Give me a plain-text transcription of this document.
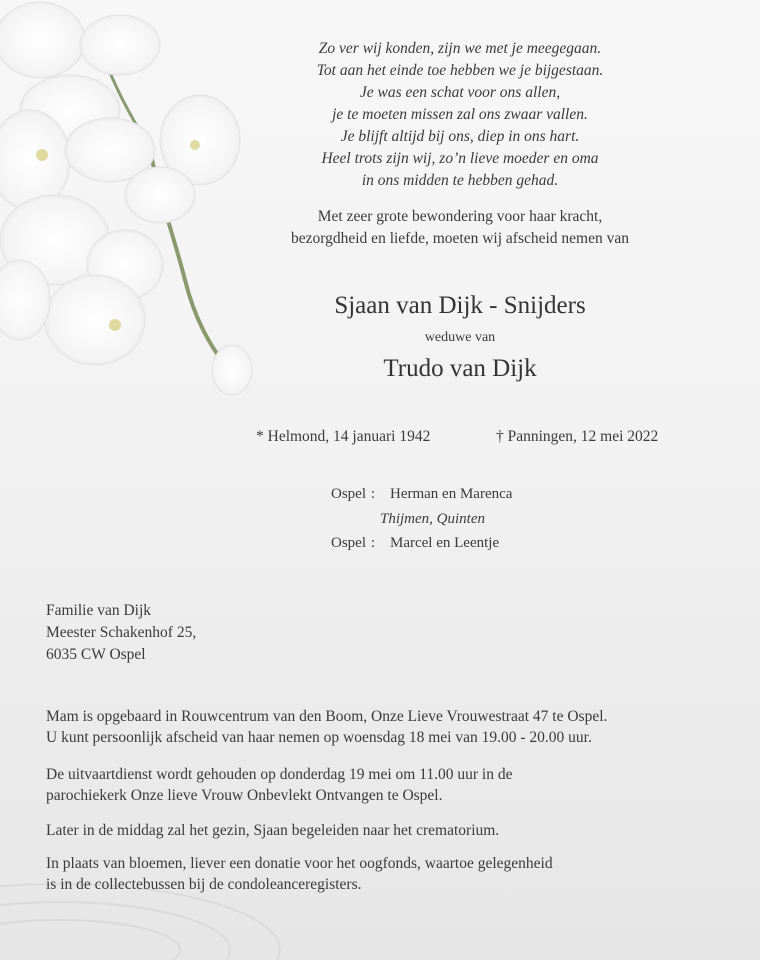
Zo ver wij konden, zijn we met je meegegaan.
Tot aan het einde toe hebben we je bijgestaan.
Je was een schat voor ons allen,
je te moeten missen zal ons zwaar vallen.
Je blijft altijd bij ons, diep in ons hart.
Heel trots zijn wij, zo’n lieve moeder en oma
in ons midden te hebben gehad.

Met zeer grote bewondering voor haar kracht,
bezorgdheid en liefde, moeten wij afscheid nemen van

Sjaan van Dijk - Snijders
weduwe van
Trudo van Dijk
* Helmond, 14 januari 1942	† Panningen, 12 mei 2022
Ospel : Herman en Marenca
Thijmen, Quinten
Ospel : Marcel en Leentje
Familie van Dijk
Meester Schakenhof 25,
6035 CW Ospel

Mam is opgebaard in Rouwcentrum van den Boom, Onze Lieve Vrouwestraat 47 te Ospel.
U kunt persoonlijk afscheid van haar nemen op woensdag 18 mei van 19.00 - 20.00 uur.

De uitvaartdienst wordt gehouden op donderdag 19 mei om 11.00 uur in de
parochiekerk Onze lieve Vrouw Onbevlekt Ontvangen te Ospel.

Later in de middag zal het gezin, Sjaan begeleiden naar het crematorium.

In plaats van bloemen, liever een donatie voor het oogfonds, waartoe gelegenheid
is in de collectebussen bij de condoleanceregisters.
